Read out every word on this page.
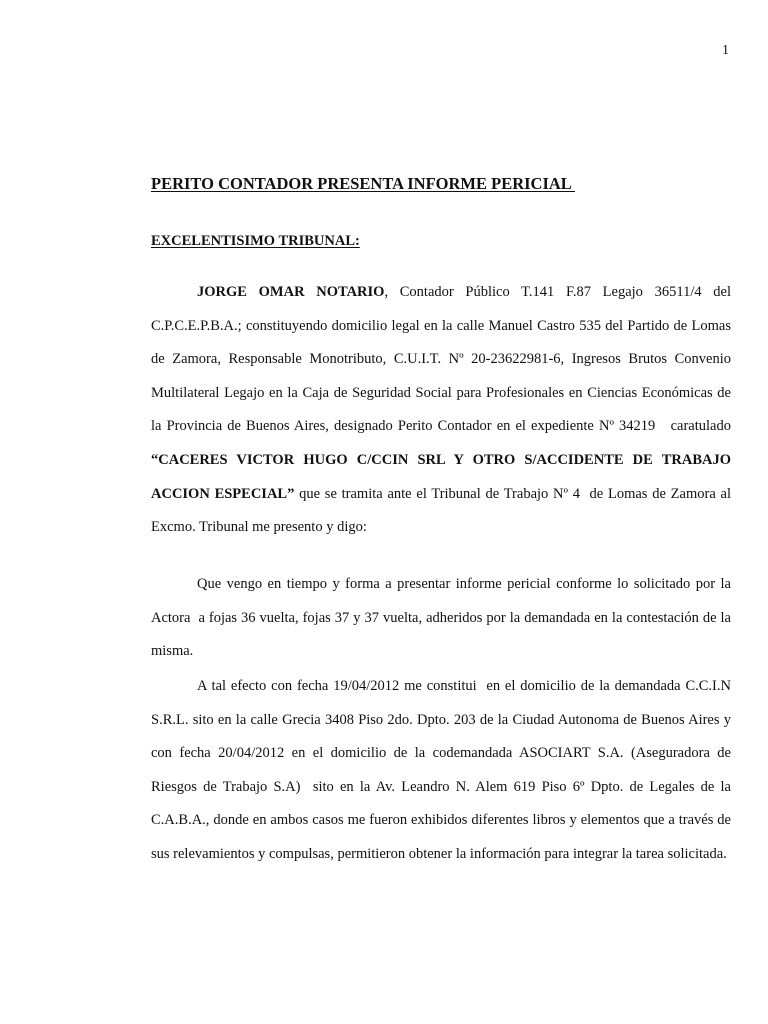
1
PERITO CONTADOR PRESENTA INFORME PERICIAL
EXCELENTISIMO TRIBUNAL:

JORGE OMAR NOTARIO, Contador Público T.141 F.87 Legajo 36511/4 del C.P.C.E.P.B.A.; constituyendo domicilio legal en la calle Manuel Castro 535 del Partido de Lomas de Zamora, Responsable Monotributo, C.U.I.T. Nº 20-23622981-6, Ingresos Brutos Convenio Multilateral Legajo en la Caja de Seguridad Social para Profesionales en Ciencias Económicas de la Provincia de Buenos Aires, designado Perito Contador en el expediente Nº 34219   caratulado “CACERES VICTOR HUGO C/CCIN SRL Y OTRO S/ACCIDENTE DE TRABAJO ACCION ESPECIAL” que se tramita ante el Tribunal de Trabajo Nº 4  de Lomas de Zamora al Excmo. Tribunal me presento y digo:

Que vengo en tiempo y forma a presentar informe pericial conforme lo solicitado por la Actora  a fojas 36 vuelta, fojas 37 y 37 vuelta, adheridos por la demandada en la contestación de la misma.

A tal efecto con fecha 19/04/2012 me constitui  en el domicilio de la demandada C.C.I.N S.R.L. sito en la calle Grecia 3408 Piso 2do. Dpto. 203 de la Ciudad Autonoma de Buenos Aires y con fecha 20/04/2012 en el domicilio de la codemandada ASOCIART S.A. (Aseguradora de Riesgos de Trabajo S.A)  sito en la Av. Leandro N. Alem 619 Piso 6º Dpto. de Legales de la C.A.B.A., donde en ambos casos me fueron exhibidos diferentes libros y elementos que a través de sus relevamientos y compulsas, permitieron obtener la información para integrar la tarea solicitada.
